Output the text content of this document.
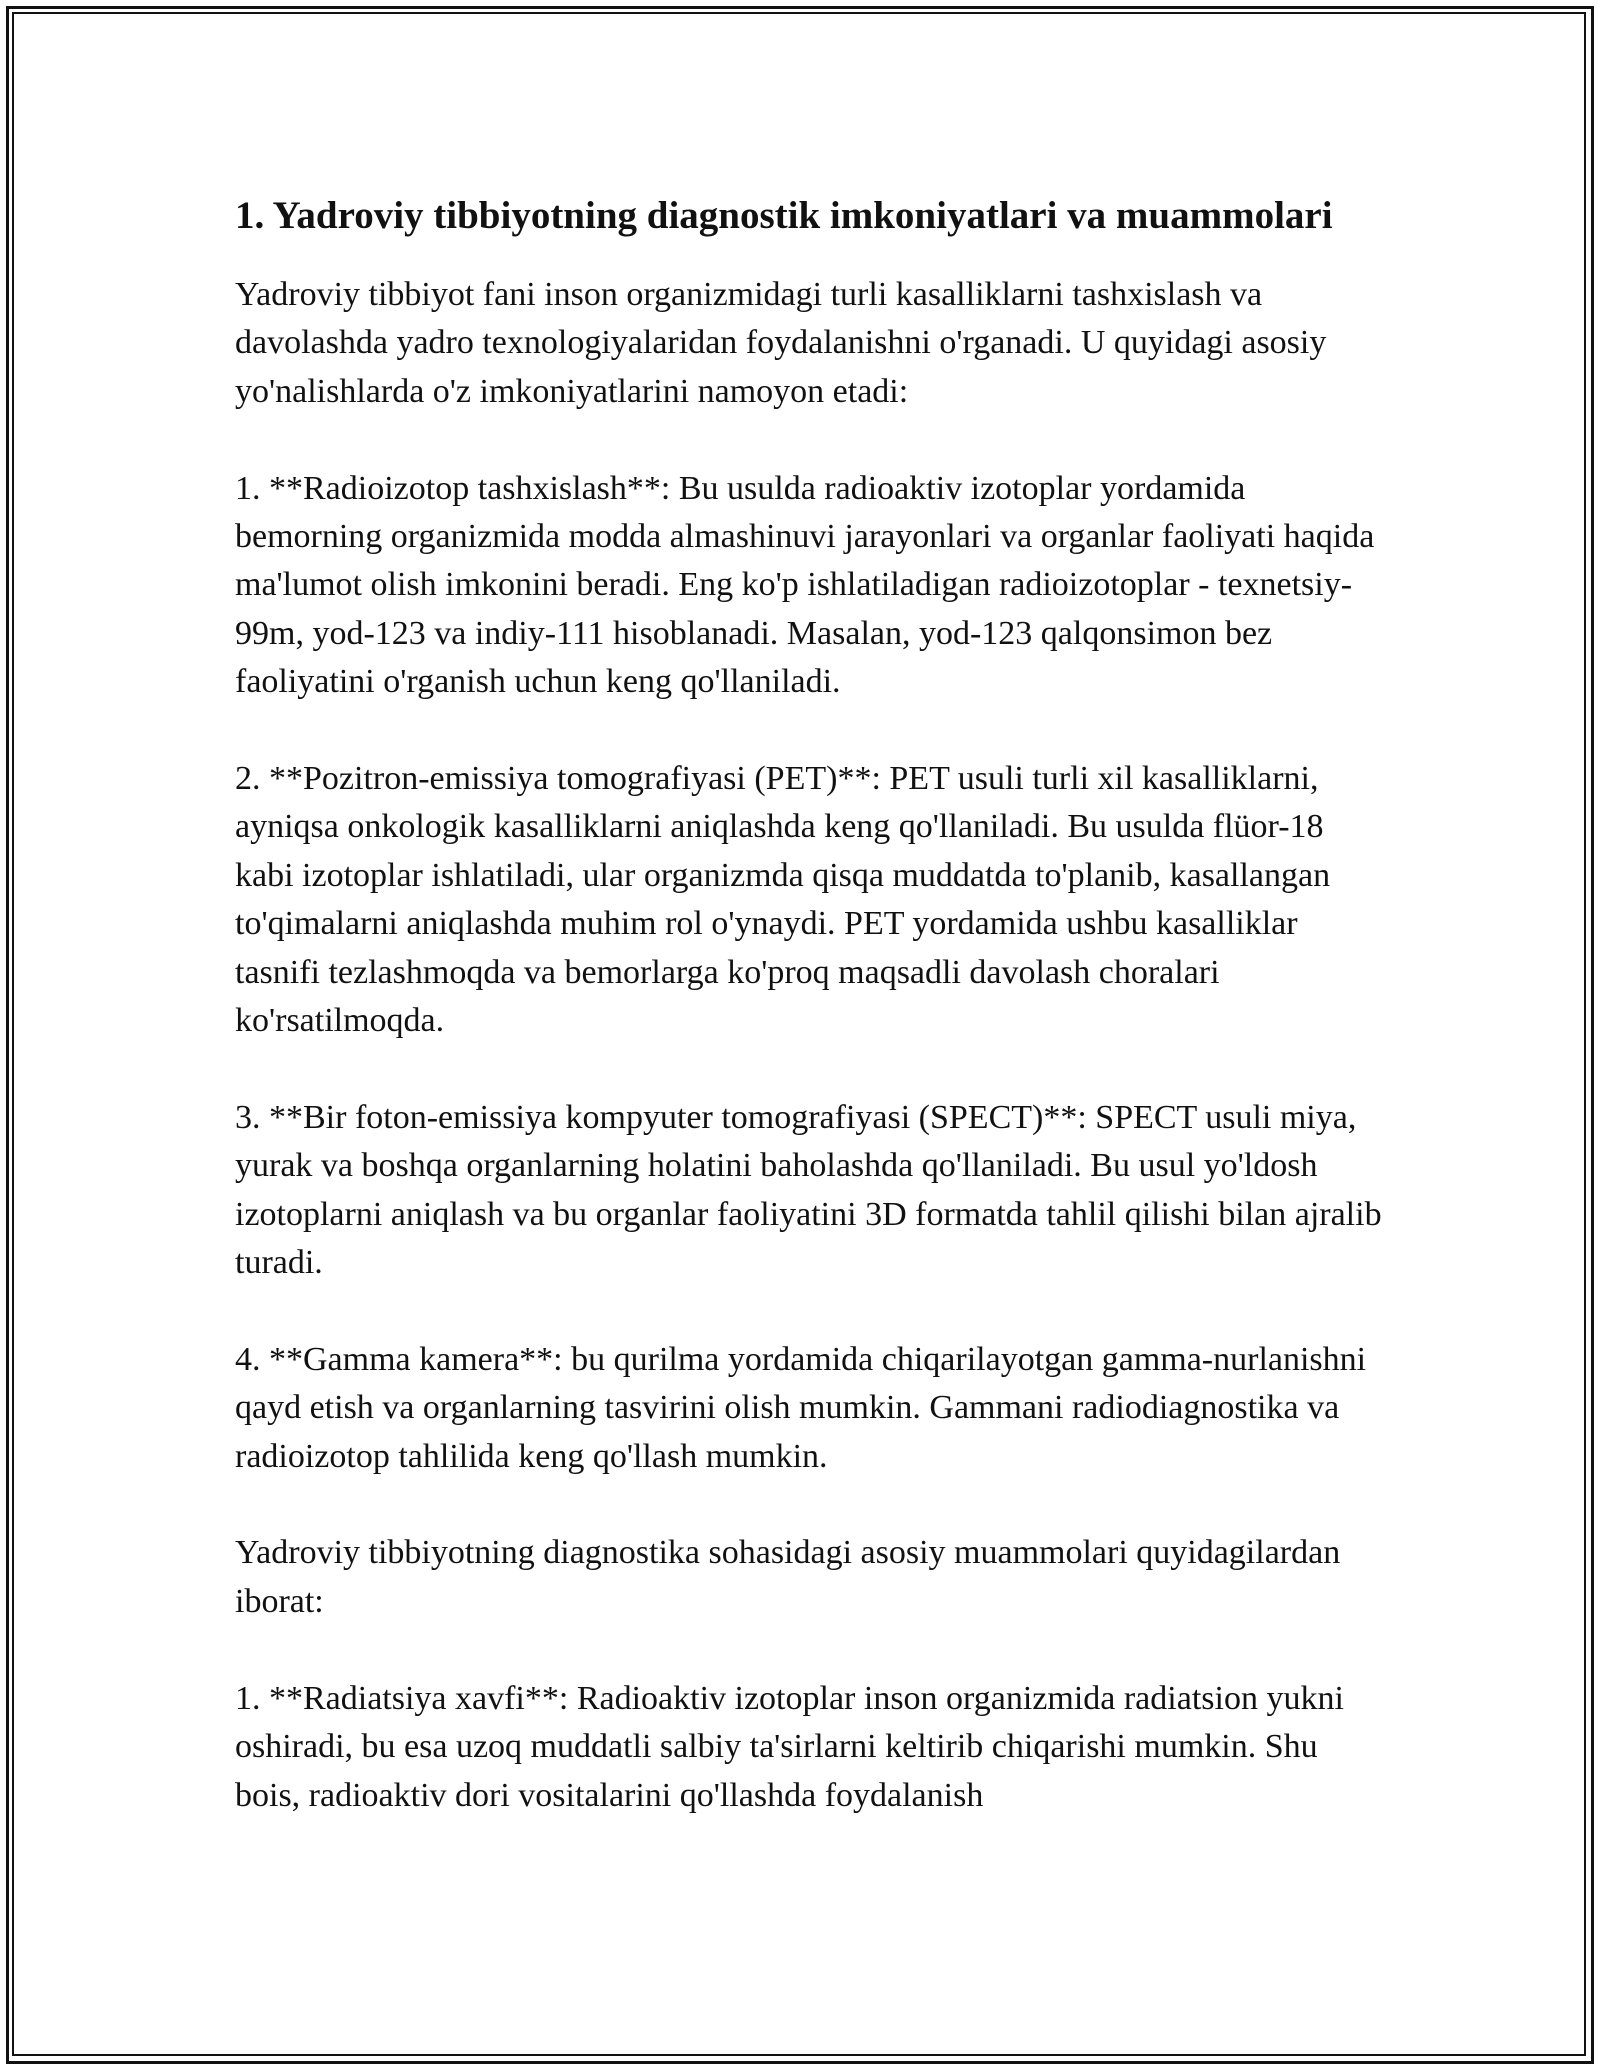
1. Yadroviy tibbiyotning diagnostik imkoniyatlari va muammolari

Yadroviy tibbiyot fani inson organizmidagi turli kasalliklarni tashxislash va davolashda yadro texnologiyalaridan foydalanishni o'rganadi. U quyidagi asosiy yo'nalishlarda o'z imkoniyatlarini namoyon etadi:

1. **Radioizotop tashxislash**: Bu usulda radioaktiv izotoplar yordamida bemorning organizmida modda almashinuvi jarayonlari va organlar faoliyati haqida ma'lumot olish imkonini beradi. Eng ko'p ishlatiladigan radioizotoplar - texnetsiy-99m, yod-123 va indiy-111 hisoblanadi. Masalan, yod-123 qalqonsimon bez faoliyatini o'rganish uchun keng qo'llaniladi.

2. **Pozitron-emissiya tomografiyasi (PET)**: PET usuli turli xil kasalliklarni, ayniqsa onkologik kasalliklarni aniqlashda keng qo'llaniladi. Bu usulda flüor-18 kabi izotoplar ishlatiladi, ular organizmda qisqa muddatda to'planib, kasallangan to'qimalarni aniqlashda muhim rol o'ynaydi. PET yordamida ushbu kasalliklar tasnifi tezlashmoqda va bemorlarga ko'proq maqsadli davolash choralari ko'rsatilmoqda.

3. **Bir foton-emissiya kompyuter tomografiyasi (SPECT)**: SPECT usuli miya, yurak va boshqa organlarning holatini baholashda qo'llaniladi. Bu usul yo'ldosh izotoplarni aniqlash va bu organlar faoliyatini 3D formatda tahlil qilishi bilan ajralib turadi.

4. **Gamma kamera**: bu qurilma yordamida chiqarilayotgan gamma-nurlanishni qayd etish va organlarning tasvirini olish mumkin. Gammani radiodiagnostika va radioizotop tahlilida keng qo'llash mumkin.

Yadroviy tibbiyotning diagnostika sohasidagi asosiy muammolari quyidagilardan iborat:

1. **Radiatsiya xavfi**: Radioaktiv izotoplar inson organizmida radiatsion yukni oshiradi, bu esa uzoq muddatli salbiy ta'sirlarni keltirib chiqarishi mumkin. Shu bois, radioaktiv dori vositalarini qo'llashda foydalanish
